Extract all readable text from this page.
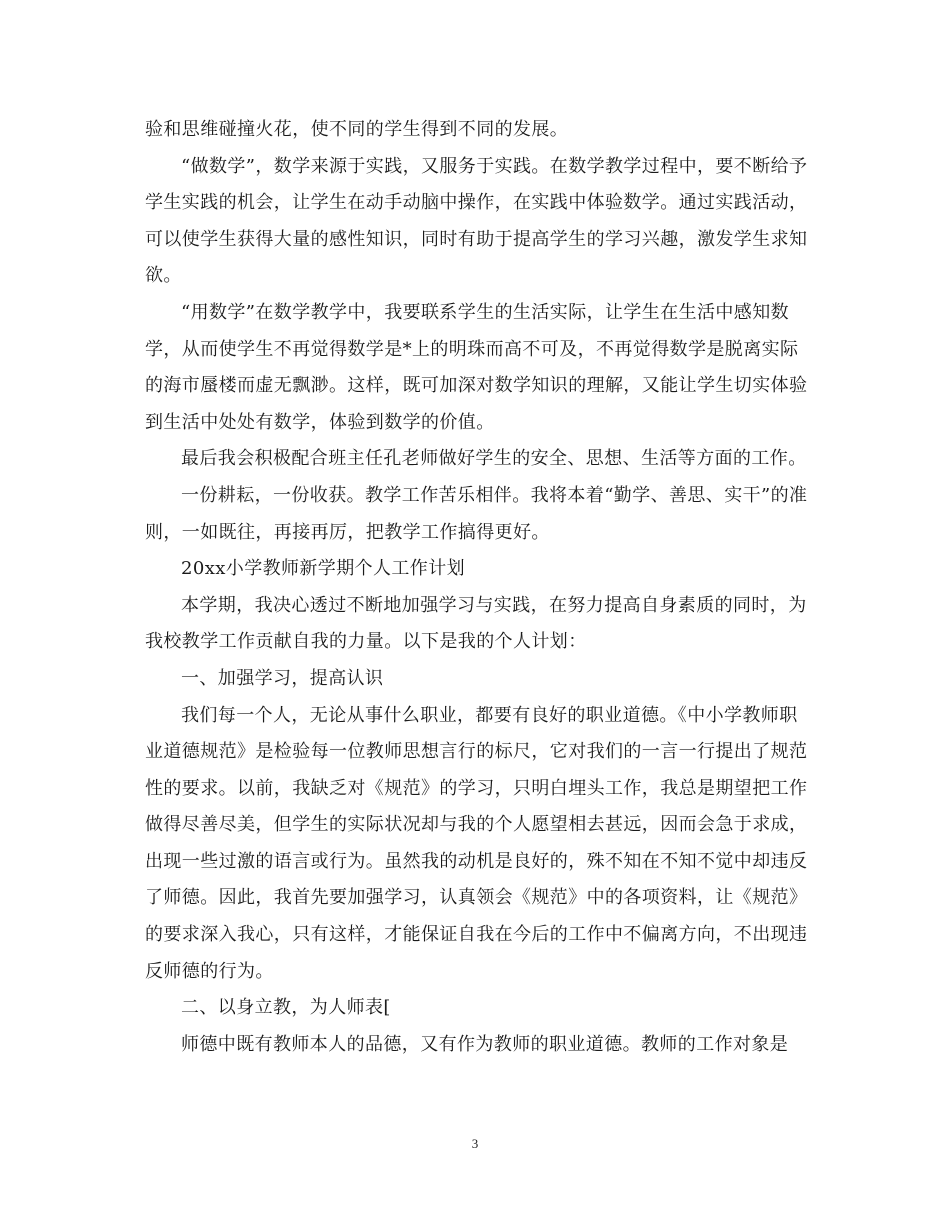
验和思维碰撞火花，使不同的学生得到不同的发展。

“做数学”，数学来源于实践，又服务于实践。在数学教学过程中，要不断给予学生实践的机会，让学生在动手动脑中操作，在实践中体验数学。通过实践活动，可以使学生获得大量的感性知识，同时有助于提高学生的学习兴趣，激发学生求知欲。

“用数学”在数学教学中，我要联系学生的生活实际，让学生在生活中感知数学，从而使学生不再觉得数学是*上的明珠而高不可及，不再觉得数学是脱离实际的海市蜃楼而虚无飘渺。这样，既可加深对数学知识的理解，又能让学生切实体验到生活中处处有数学，体验到数学的价值。

最后我会积极配合班主任孔老师做好学生的安全、思想、生活等方面的工作。

一份耕耘，一份收获。教学工作苦乐相伴。我将本着“勤学、善思、实干”的准则，一如既往，再接再厉，把教学工作搞得更好。

20xx小学教师新学期个人工作计划

本学期，我决心透过不断地加强学习与实践，在努力提高自身素质的同时，为我校教学工作贡献自我的力量。以下是我的个人计划：

一、加强学习，提高认识

我们每一个人，无论从事什么职业，都要有良好的职业道德。《中小学教师职业道德规范》是检验每一位教师思想言行的标尺，它对我们的一言一行提出了规范性的要求。以前，我缺乏对《规范》的学习，只明白埋头工作，我总是期望把工作做得尽善尽美，但学生的实际状况却与我的个人愿望相去甚远，因而会急于求成，出现一些过激的语言或行为。虽然我的动机是良好的，殊不知在不知不觉中却违反了师德。因此，我首先要加强学习，认真领会《规范》中的各项资料，让《规范》的要求深入我心，只有这样，才能保证自我在今后的工作中不偏离方向，不出现违反师德的行为。

二、以身立教，为人师表[

师德中既有教师本人的品德，又有作为教师的职业道德。教师的工作对象是

3
